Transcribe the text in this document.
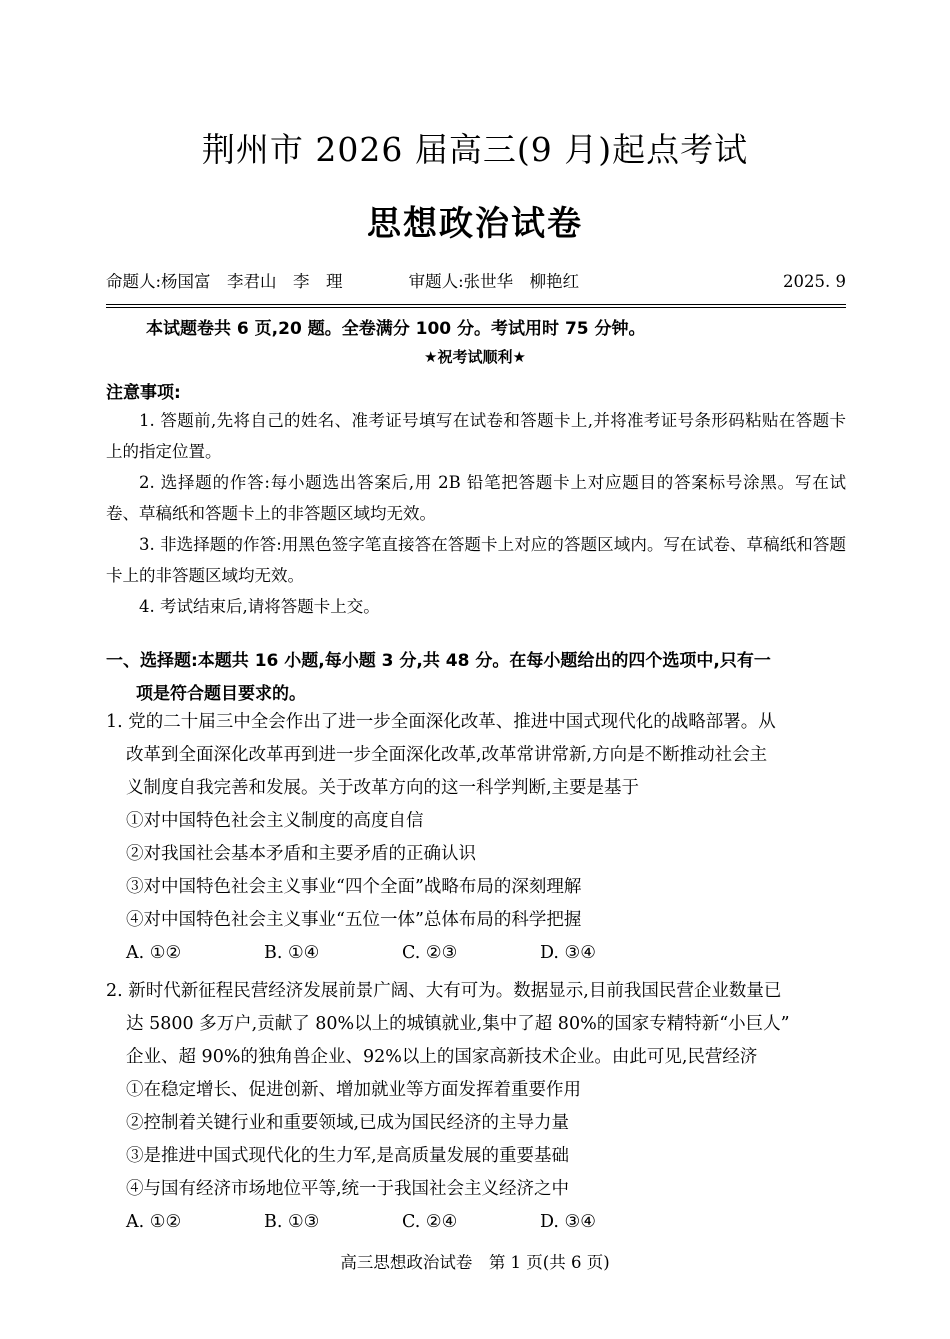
荆州市 2026 届高三(9 月)起点考试
思想政治试卷
命题人:杨国富　李君山　李　理　　　　	审题人:张世华　柳艳红	2025. 9
本试题卷共 6 页,20 题。全卷满分 100 分。考试用时 75 分钟。
★祝考试顺利★
注意事项:

1. 答题前,先将自己的姓名、准考证号填写在试卷和答题卡上,并将准考证号条形码粘贴在答题卡上的指定位置。

2. 选择题的作答:每小题选出答案后,用 2B 铅笔把答题卡上对应题目的答案标号涂黑。写在试卷、草稿纸和答题卡上的非答题区域均无效。

3. 非选择题的作答:用黑色签字笔直接答在答题卡上对应的答题区域内。写在试卷、草稿纸和答题卡上的非答题区域均无效。

4. 考试结束后,请将答题卡上交。

一、选择题:本题共 16 小题,每小题 3 分,共 48 分。在每小题给出的四个选项中,只有一
项是符合题目要求的。

1. 党的二十届三中全会作出了进一步全面深化改革、推进中国式现代化的战略部署。从

改革到全面深化改革再到进一步全面深化改革,改革常讲常新,方向是不断推动社会主

义制度自我完善和发展。关于改革方向的这一科学判断,主要是基于

①对中国特色社会主义制度的高度自信

②对我国社会基本矛盾和主要矛盾的正确认识

③对中国特色社会主义事业“四个全面”战略布局的深刻理解

④对中国特色社会主义事业“五位一体”总体布局的科学把握

A. ①②	B. ①④	C. ②③	D. ③④

2. 新时代新征程民营经济发展前景广阔、大有可为。数据显示,目前我国民营企业数量已

达 5800 多万户,贡献了 80%以上的城镇就业,集中了超 80%的国家专精特新“小巨人”

企业、超 90%的独角兽企业、92%以上的国家高新技术企业。由此可见,民营经济

①在稳定增长、促进创新、增加就业等方面发挥着重要作用

②控制着关键行业和重要领域,已成为国民经济的主导力量

③是推进中国式现代化的生力军,是高质量发展的重要基础

④与国有经济市场地位平等,统一于我国社会主义经济之中

A. ①②	B. ①③	C. ②④	D. ③④
高三思想政治试卷　第 1 页(共 6 页)
